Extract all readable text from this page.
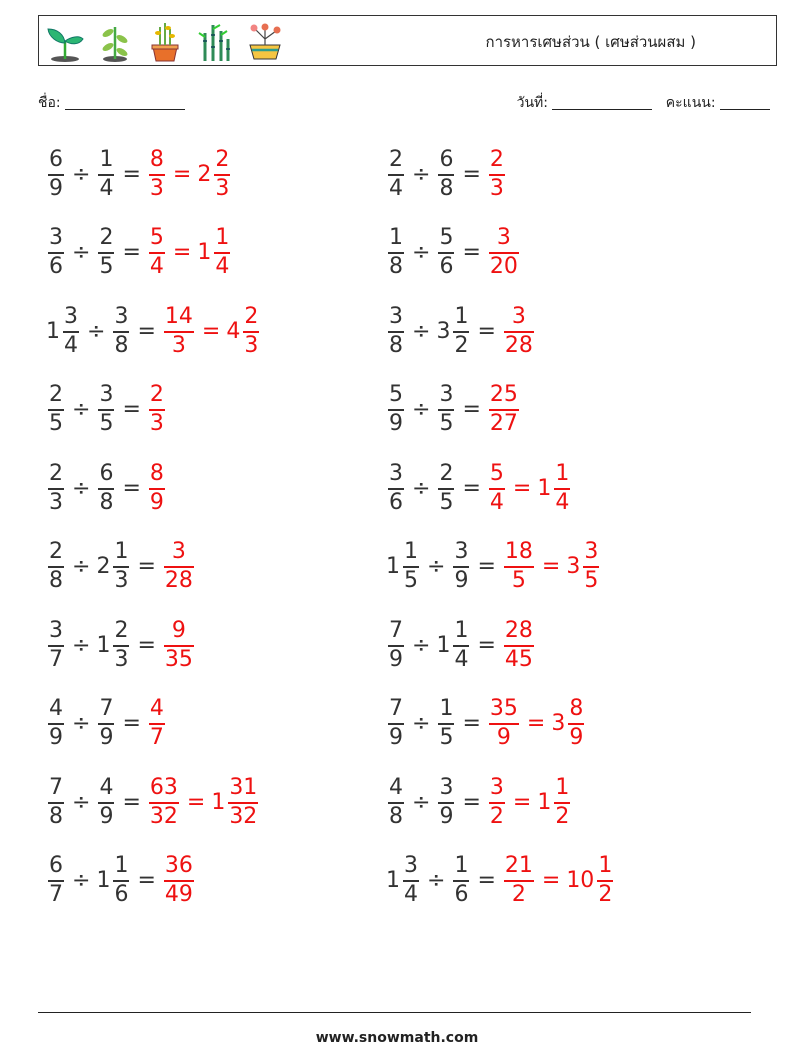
การหารเศษส่วน ( เศษส่วนผสม )
ชื่อ:	วันที่:	คะแนน:
$\frac{6}{9} \div \frac{1}{4} = \frac{8}{3} = 2 \frac{2}{3}$	$\frac{2}{4} \div \frac{6}{8} = \frac{2}{3}$
$\frac{3}{6} \div \frac{2}{5} = \frac{5}{4} = 1 \frac{1}{4}$	$\frac{1}{8} \div \frac{5}{6} = \frac{3}{20}$
$1 \frac{3}{4} \div \frac{3}{8} = \frac{14}{3} = 4 \frac{2}{3}$	$\frac{3}{8} \div 3 \frac{1}{2} = \frac{3}{28}$
$\frac{2}{5} \div \frac{3}{5} = \frac{2}{3}$	$\frac{5}{9} \div \frac{3}{5} = \frac{25}{27}$
$\frac{2}{3} \div \frac{6}{8} = \frac{8}{9}$	$\frac{3}{6} \div \frac{2}{5} = \frac{5}{4} = 1 \frac{1}{4}$
$\frac{2}{8} \div 2 \frac{1}{3} = \frac{3}{28}$	$1 \frac{1}{5} \div \frac{3}{9} = \frac{18}{5} = 3 \frac{3}{5}$
$\frac{3}{7} \div 1 \frac{2}{3} = \frac{9}{35}$	$\frac{7}{9} \div 1 \frac{1}{4} = \frac{28}{45}$
$\frac{4}{9} \div \frac{7}{9} = \frac{4}{7}$	$\frac{7}{9} \div \frac{1}{5} = \frac{35}{9} = 3 \frac{8}{9}$
$\frac{7}{8} \div \frac{4}{9} = \frac{63}{32} = 1 \frac{31}{32}$	$\frac{4}{8} \div \frac{3}{9} = \frac{3}{2} = 1 \frac{1}{2}$
$\frac{6}{7} \div 1 \frac{1}{6} = \frac{36}{49}$	$1 \frac{3}{4} \div \frac{1}{6} = \frac{21}{2} = 10 \frac{1}{2}$
www.snowmath.com
